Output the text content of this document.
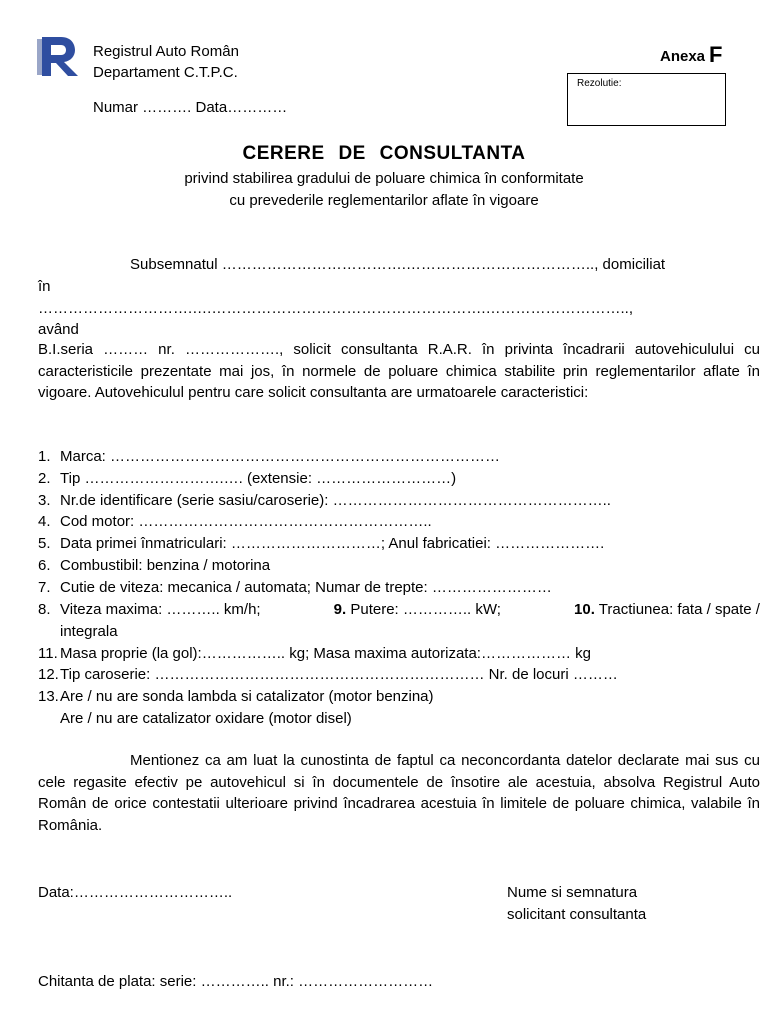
Registrul Auto Român
Departament C.T.P.C.
Numar ………. Data…………
Anexa F
Rezolutie:
CERERE DE CONSULTANTA
privind stabilirea gradului de poluare chimica în conformitate
cu prevederile reglementarilor aflate în vigoare
Subsemnatul ……………………………….……………………………….., domiciliat
în
………………………….….……………………………………………….………………………..,
având
B.I.seria ……… nr. ………………., solicit consultanta R.A.R. în privinta încadrarii autovehiculului cu caracteristicile prezentate mai jos, în normele de poluare chimica stabilite prin reglementarilor aflate în vigoare. Autovehiculul pentru care solicit consultanta are urmatoarele caracteristici:
1. Marca: ……………………………………………………………………
2. Tip ……………………….…. (extensie: ………………………)
3. Nr.de identificare (serie sasiu/caroserie): ………………………………………………..
4. Cod motor: …………………………………………………..
5. Data primei înmatriculari: …………………………; Anul fabricatiei: ………………….
6. Combustibil: benzina / motorina
7. Cutie de viteza: mecanica / automata; Numar de trepte: ……………………
8. Viteza maxima: ……….. km/h;	9. Putere: ………….. kW;	10. Tractiunea: fata / spate /
integrala
11. Masa proprie (la gol):…………….. kg; Masa maxima autorizata:……………… kg
12.Tip caroserie: ………………………………………………………… Nr. de locuri ………
13.Are / nu are sonda lambda si catalizator (motor benzina)
Are / nu are catalizator oxidare (motor disel)
Mentionez ca am luat la cunostinta de faptul ca neconcordanta datelor declarate mai sus cu cele regasite efectiv pe autovehicul si în documentele de însotire ale acestuia, absolva Registrul Auto Român de orice contestatii ulterioare privind încadrarea acestuia în limitele de poluare chimica, valabile în România.
Data:…………………………..	Nume si semnatura
solicitant consultanta
Chitanta de plata: serie: ………….. nr.: ………………………
